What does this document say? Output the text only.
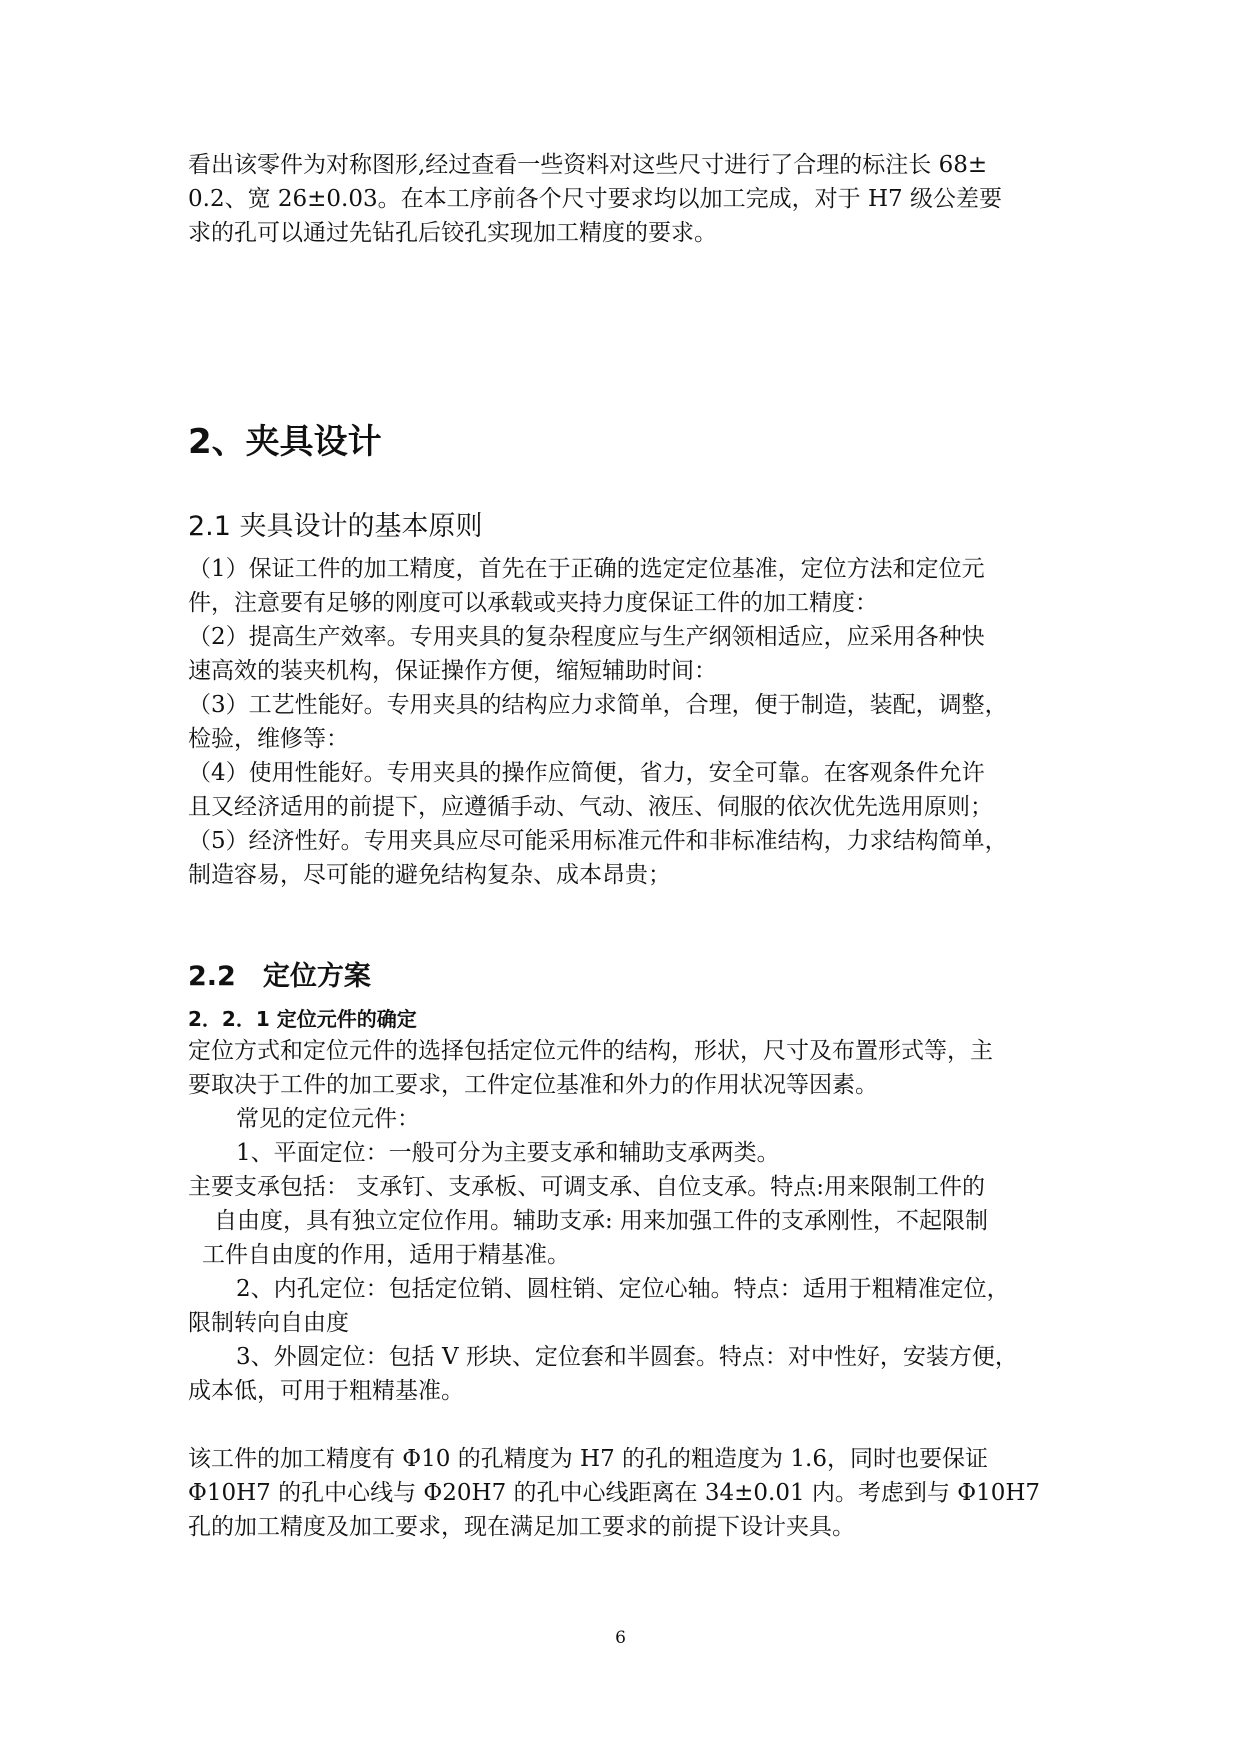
看出该零件为对称图形,经过查看一些资料对这些尺寸进行了合理的标注长 68±
0.2、宽 26±0.03。在本工序前各个尺寸要求均以加工完成，对于 H7 级公差要
求的孔可以通过先钻孔后铰孔实现加工精度的要求。

2、夹具设计
2.1 夹具设计的基本原则

（1）保证工件的加工精度，首先在于正确的选定定位基准，定位方法和定位元
件，注意要有足够的刚度可以承载或夹持力度保证工件的加工精度：
（2）提高生产效率。专用夹具的复杂程度应与生产纲领相适应，应采用各种快
速高效的装夹机构，保证操作方便，缩短辅助时间：
（3）工艺性能好。专用夹具的结构应力求简单，合理，便于制造，装配，调整，
检验，维修等：
（4）使用性能好。专用夹具的操作应简便，省力，安全可靠。在客观条件允许
且又经济适用的前提下，应遵循手动、气动、液压、伺服的依次优先选用原则；
（5）经济性好。专用夹具应尽可能采用标准元件和非标准结构，力求结构简单，
制造容易，尽可能的避免结构复杂、成本昂贵；

2.2　定位方案
2．2．1 定位元件的确定

定位方式和定位元件的选择包括定位元件的结构，形状，尺寸及布置形式等，主
要取决于工件的加工要求，工件定位基准和外力的作用状况等因素。
常见的定位元件：
1、平面定位：一般可分为主要支承和辅助支承两类。
主要支承包括： 支承钉、支承板、可调支承、自位支承。特点:用来限制工件的
自由度，具有独立定位作用。辅助支承: 用来加强工件的支承刚性，不起限制
工件自由度的作用，适用于精基准。
2、内孔定位：包括定位销、圆柱销、定位心轴。特点：适用于粗精准定位，
限制转向自由度
3、外圆定位：包括 V 形块、定位套和半圆套。特点：对中性好，安装方便，
成本低，可用于粗精基准。

该工件的加工精度有 Φ10 的孔精度为 H7 的孔的粗造度为 1.6，同时也要保证
Φ10H7 的孔中心线与 Φ20H7 的孔中心线距离在 34±0.01 内。考虑到与 Φ10H7
孔的加工精度及加工要求，现在满足加工要求的前提下设计夹具。

6
